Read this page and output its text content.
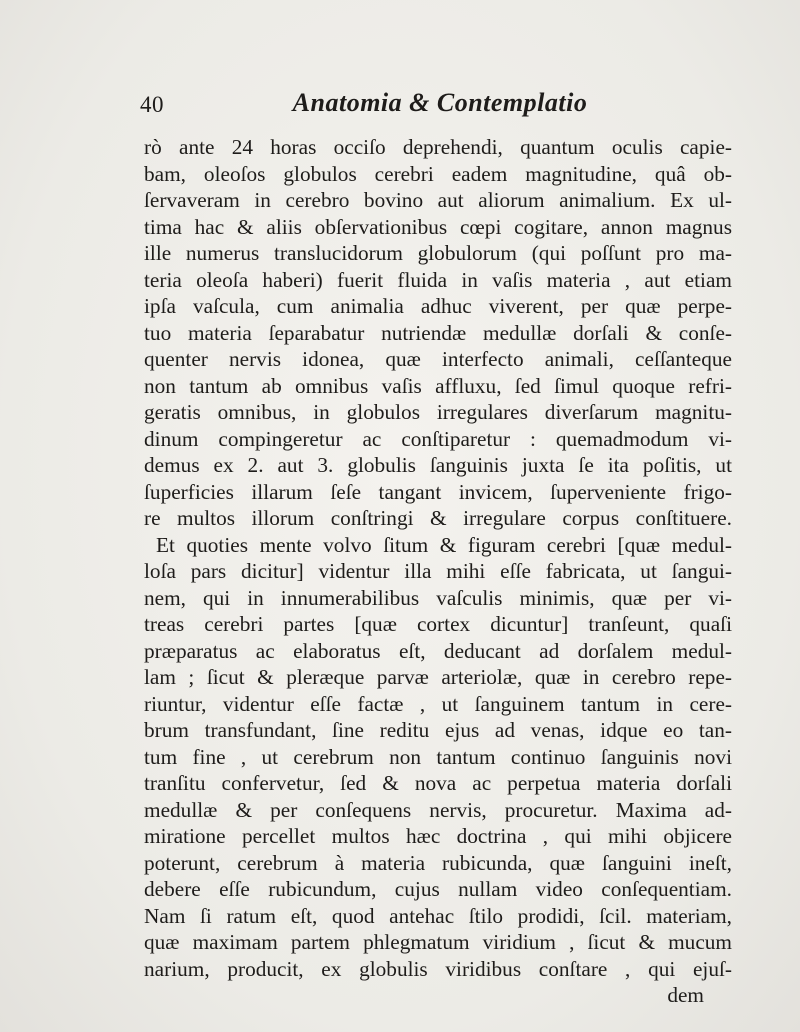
40	Anatomia & Contemplatio
rò ante 24 horas occiſo deprehendi, quantum oculis capie-
bam, oleoſos globulos cerebri eadem magnitudine, quâ ob-
ſervaveram in cerebro bovino aut aliorum animalium. Ex ul-
tima hac & aliis obſervationibus cœpi cogitare, annon magnus
ille numerus translucidorum globulorum (qui poſſunt pro ma-
teria oleoſa haberi) fuerit fluida in vaſis materia , aut etiam
ipſa vaſcula, cum animalia adhuc viverent, per quæ perpe-
tuo materia ſeparabatur nutriendæ medullæ dorſali & conſe-
quenter nervis idonea, quæ interfecto animali, ceſſanteque
non tantum ab omnibus vaſis affluxu, ſed ſimul quoque refri-
geratis omnibus, in globulos irregulares diverſarum magnitu-
dinum compingeretur ac conſtiparetur : quemadmodum vi-
demus ex 2. aut 3. globulis ſanguinis juxta ſe ita poſitis, ut
ſuperficies illarum ſeſe tangant invicem, ſuperveniente frigo-
re multos illorum conſtringi & irregulare corpus conſtituere.
Et quoties mente volvo ſitum & figuram cerebri [quæ medul-
loſa pars dicitur] videntur illa mihi eſſe fabricata, ut ſangui-
nem, qui in innumerabilibus vaſculis minimis, quæ per vi-
treas cerebri partes [quæ cortex dicuntur] tranſeunt, quaſi
præparatus ac elaboratus eſt, deducant ad dorſalem medul-
lam ; ſicut & pleræque parvæ arteriolæ, quæ in cerebro repe-
riuntur, videntur eſſe factæ , ut ſanguinem tantum in cere-
brum transfundant, ſine reditu ejus ad venas, idque eo tan-
tum fine , ut cerebrum non tantum continuo ſanguinis novi
tranſitu confervetur, ſed & nova ac perpetua materia dorſali
medullæ & per conſequens nervis, procuretur. Maxima ad-
miratione percellet multos hæc doctrina , qui mihi objicere
poterunt, cerebrum à materia rubicunda, quæ ſanguini ineſt,
debere eſſe rubicundum, cujus nullam video conſequentiam.
Nam ſi ratum eſt, quod antehac ſtilo prodidi, ſcil. materiam,
quæ maximam partem phlegmatum viridium , ſicut & mucum
narium, producit, ex globulis viridibus conſtare , qui ejuſ-
dem
